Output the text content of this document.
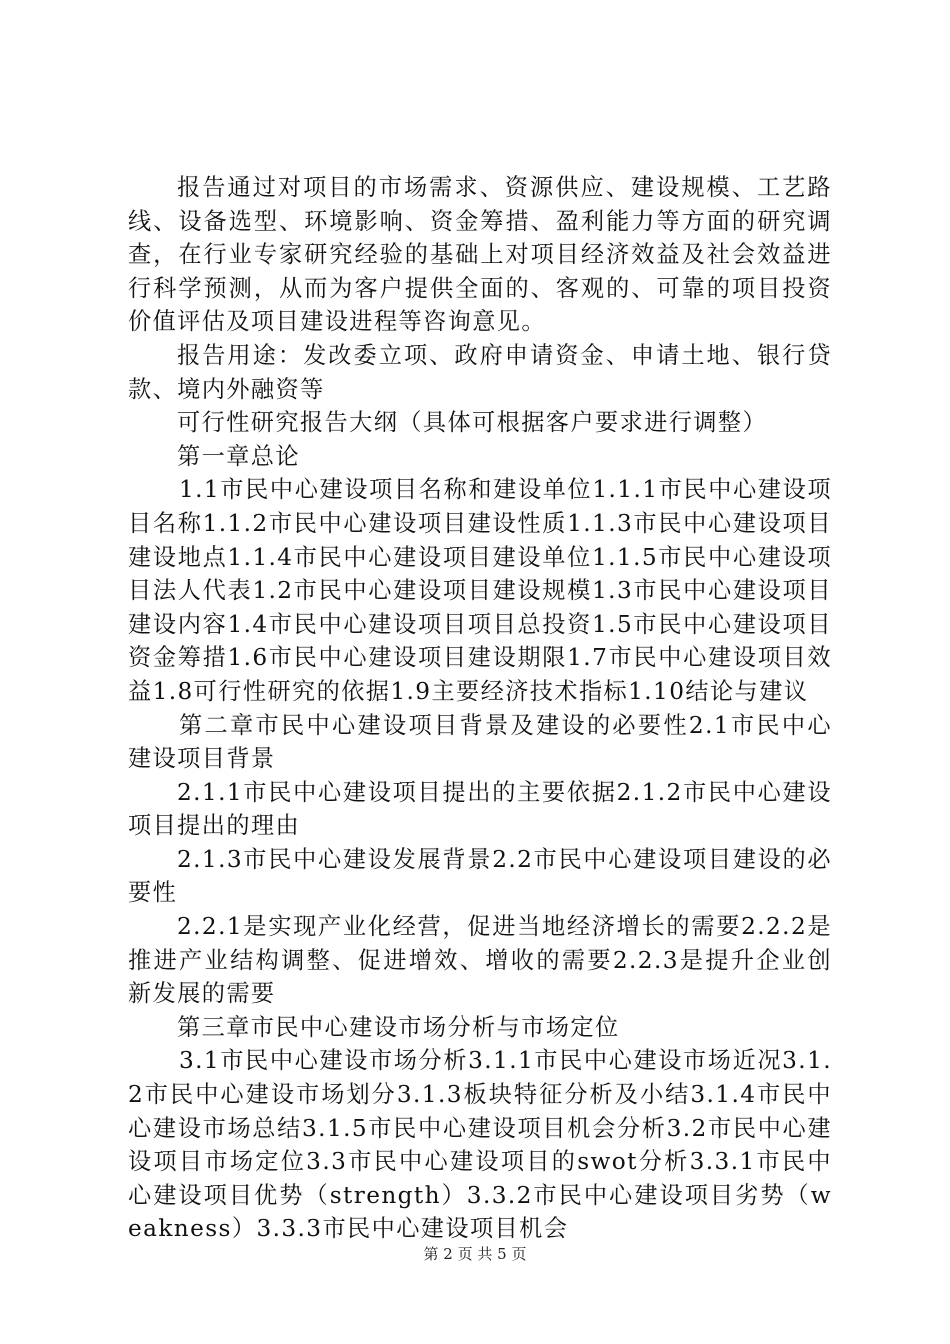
报告通过对项目的市场需求、资源供应、建设规模、工艺路线、设备选型、环境影响、资金筹措、盈利能力等方面的研究调查，在行业专家研究经验的基础上对项目经济效益及社会效益进行科学预测，从而为客户提供全面的、客观的、可靠的项目投资价值评估及项目建设进程等咨询意见。

报告用途：发改委立项、政府申请资金、申请土地、银行贷款、境内外融资等

可行性研究报告大纲（具体可根据客户要求进行调整）

第一章总论

1.1市民中心建设项目名称和建设单位1.1.1市民中心建设项目名称1.1.2市民中心建设项目建设性质1.1.3市民中心建设项目建设地点1.1.4市民中心建设项目建设单位1.1.5市民中心建设项目法人代表1.2市民中心建设项目建设规模1.3市民中心建设项目建设内容1.4市民中心建设项目项目总投资1.5市民中心建设项目资金筹措1.6市民中心建设项目建设期限1.7市民中心建设项目效益1.8可行性研究的依据1.9主要经济技术指标1.10结论与建议

第二章市民中心建设项目背景及建设的必要性2.1市民中心建设项目背景

2.1.1市民中心建设项目提出的主要依据2.1.2市民中心建设项目提出的理由

2.1.3市民中心建设发展背景2.2市民中心建设项目建设的必要性

2.2.1是实现产业化经营，促进当地经济增长的需要2.2.2是推进产业结构调整、促进增效、增收的需要2.2.3是提升企业创新发展的需要

第三章市民中心建设市场分析与市场定位

3.1市民中心建设市场分析3.1.1市民中心建设市场近况3.1.2市民中心建设市场划分3.1.3板块特征分析及小结3.1.4市民中心建设市场总结3.1.5市民中心建设项目机会分析3.2市民中心建设项目市场定位3.3市民中心建设项目的swot分析3.3.1市民中心建设项目优势（strength）3.3.2市民中心建设项目劣势（weakness）3.3.3市民中心建设项目机会

第 2 页 共 5 页
